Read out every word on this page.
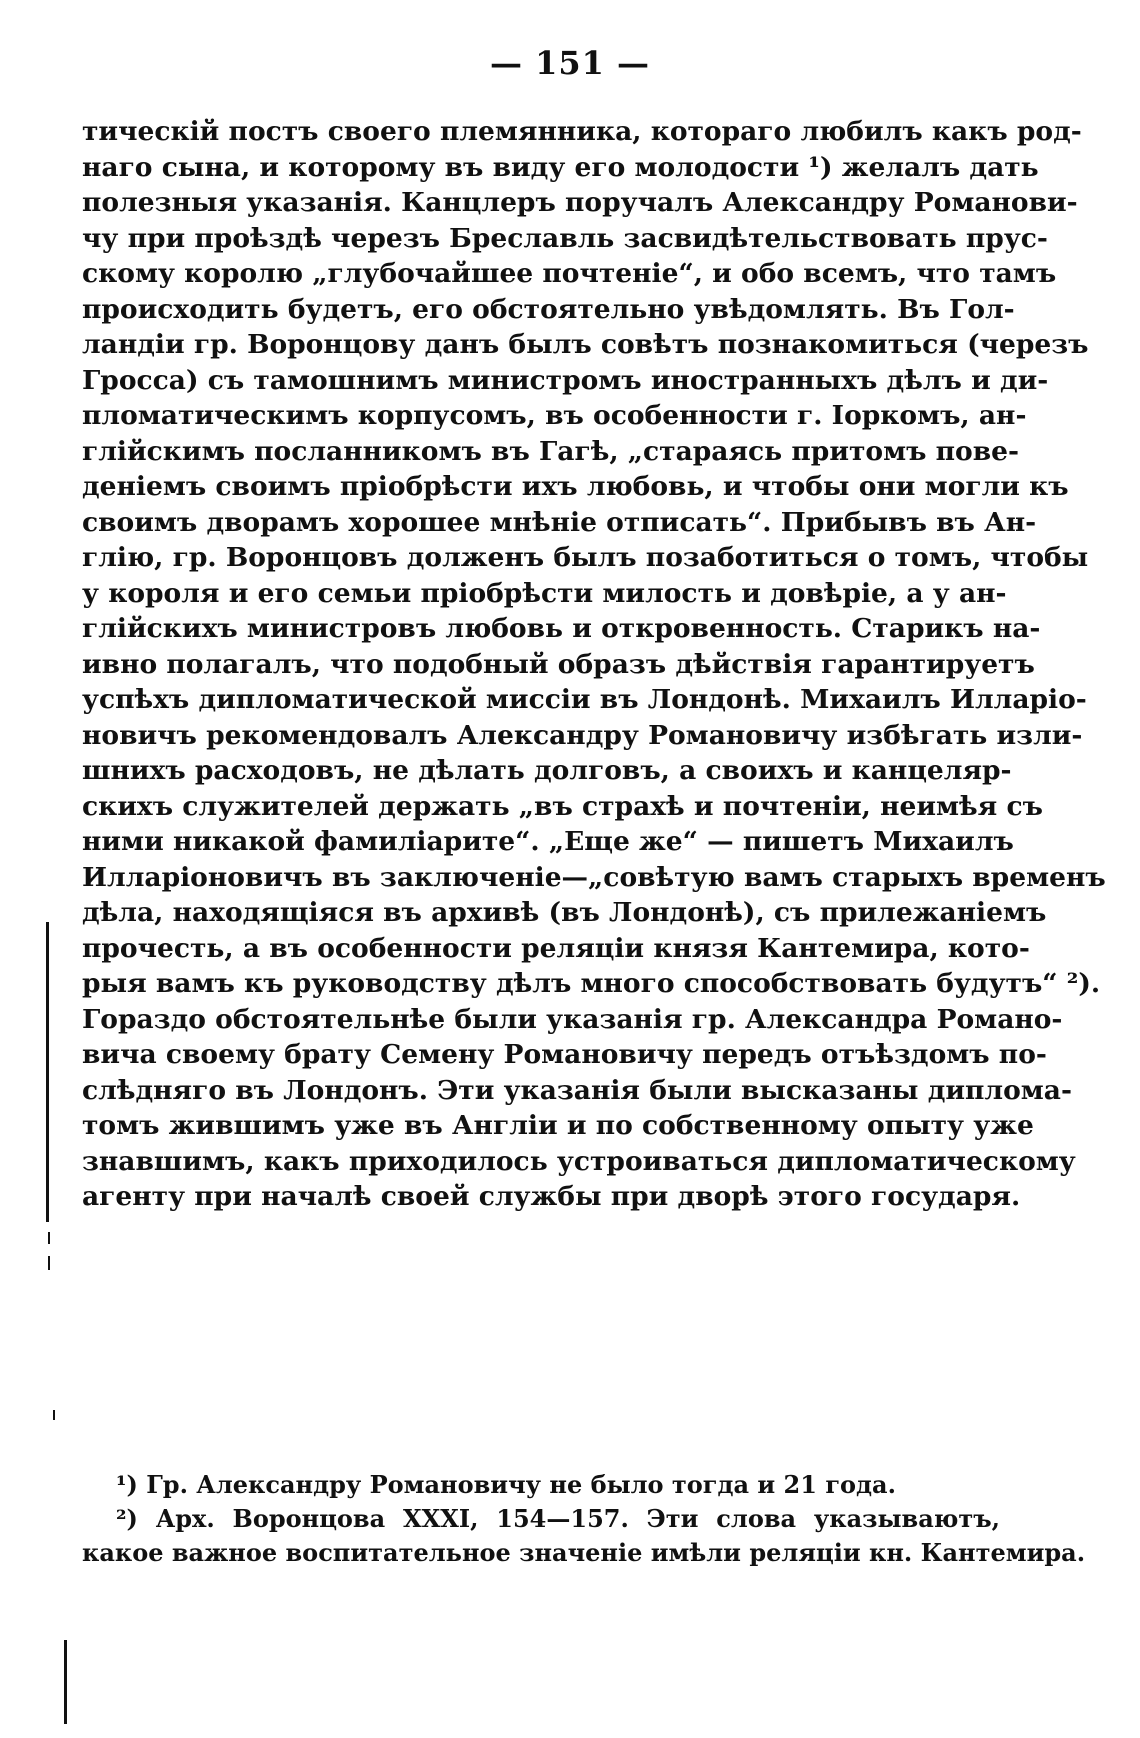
— 151 —
тическій постъ своего племянника, котораго любилъ какъ род-
наго сына, и которому въ виду его молодости ¹) желалъ дать
полезныя указанія. Канцлеръ поручалъ Александру Романови-
чу при проѣздѣ черезъ Бреславль засвидѣтельствовать прус-
скому королю „глубочайшее почтеніе“, и обо всемъ, что тамъ
происходить будетъ, его обстоятельно увѣдомлять. Въ Гол-
ландіи гр. Воронцову данъ былъ совѣтъ познакомиться (черезъ
Гросса) съ тамошнимъ министромъ иностранныхъ дѣлъ и ди-
пломатическимъ корпусомъ, въ особенности г. Іоркомъ, ан-
глійскимъ посланникомъ въ Гагѣ, „стараясь притомъ пове-
деніемъ своимъ пріобрѣсти ихъ любовь, и чтобы они могли къ
своимъ дворамъ хорошее мнѣніе отписать“. Прибывъ въ Ан-
глію, гр. Воронцовъ долженъ былъ позаботиться о томъ, чтобы
у короля и его семьи пріобрѣсти милость и довѣріе, а у ан-
глійскихъ министровъ любовь и откровенность. Старикъ на-
ивно полагалъ, что подобный образъ дѣйствія гарантируетъ
успѣхъ дипломатической миссіи въ Лондонѣ. Михаилъ Илларіо-
новичъ рекомендовалъ Александру Романовичу избѣгать изли-
шнихъ расходовъ, не дѣлать долговъ, а своихъ и канцеляр-
скихъ служителей держать „въ страхѣ и почтеніи, неимѣя съ
ними никакой фамиліарите“. „Еще же“ — пишетъ Михаилъ
Илларіоновичъ въ заключеніе—„совѣтую вамъ старыхъ временъ
дѣла, находящіяся въ архивѣ (въ Лондонѣ), съ прилежаніемъ
прочесть, а въ особенности реляціи князя Кантемира, кото-
рыя вамъ къ руководству дѣлъ много способствовать будутъ“ ²).
Гораздо обстоятельнѣе были указанія гр. Александра Романо-
вича своему брату Семену Романовичу передъ отъѣздомъ по-
слѣдняго въ Лондонъ. Эти указанія были высказаны диплома-
томъ жившимъ уже въ Англіи и по собственному опыту уже
знавшимъ, какъ приходилось устроиваться дипломатическому
агенту при началѣ своей службы при дворѣ этого государя.
¹) Гр. Александру Романовичу не было тогда и 21 года.
²) Арх. Воронцова XXXI, 154—157. Эти слова указываютъ,
какое важное воспитательное значеніе имѣли реляціи кн. Кантемира.
